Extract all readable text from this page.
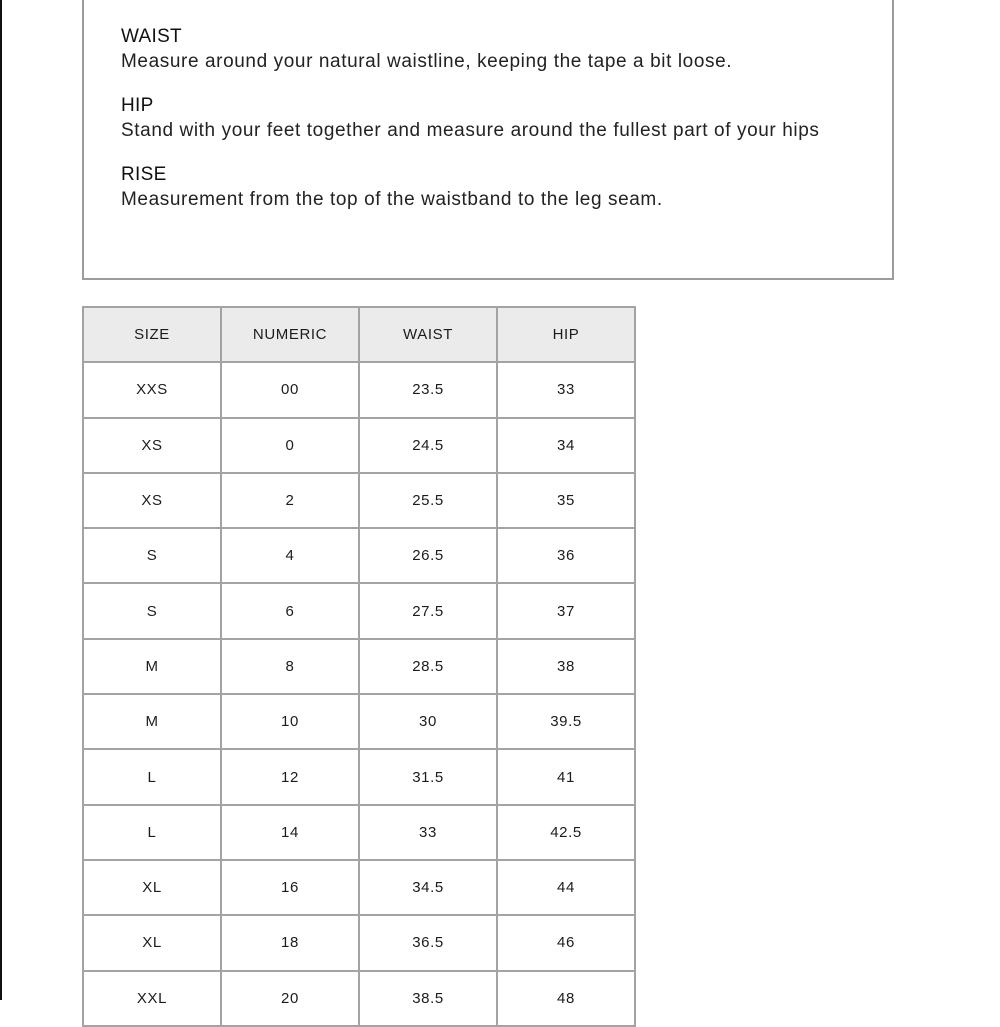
WAIST
Measure around your natural waistline, keeping the tape a bit loose.
HIP
Stand with your feet together and measure around the fullest part of your hips
RISE
Measurement from the top of the waistband to the leg seam.
SIZE	NUMERIC	WAIST	HIP
XXS	00	23.5	33
XS	0	24.5	34
XS	2	25.5	35
S	4	26.5	36
S	6	27.5	37
M	8	28.5	38
M	10	30	39.5
L	12	31.5	41
L	14	33	42.5
XL	16	34.5	44
XL	18	36.5	46
XXL	20	38.5	48
